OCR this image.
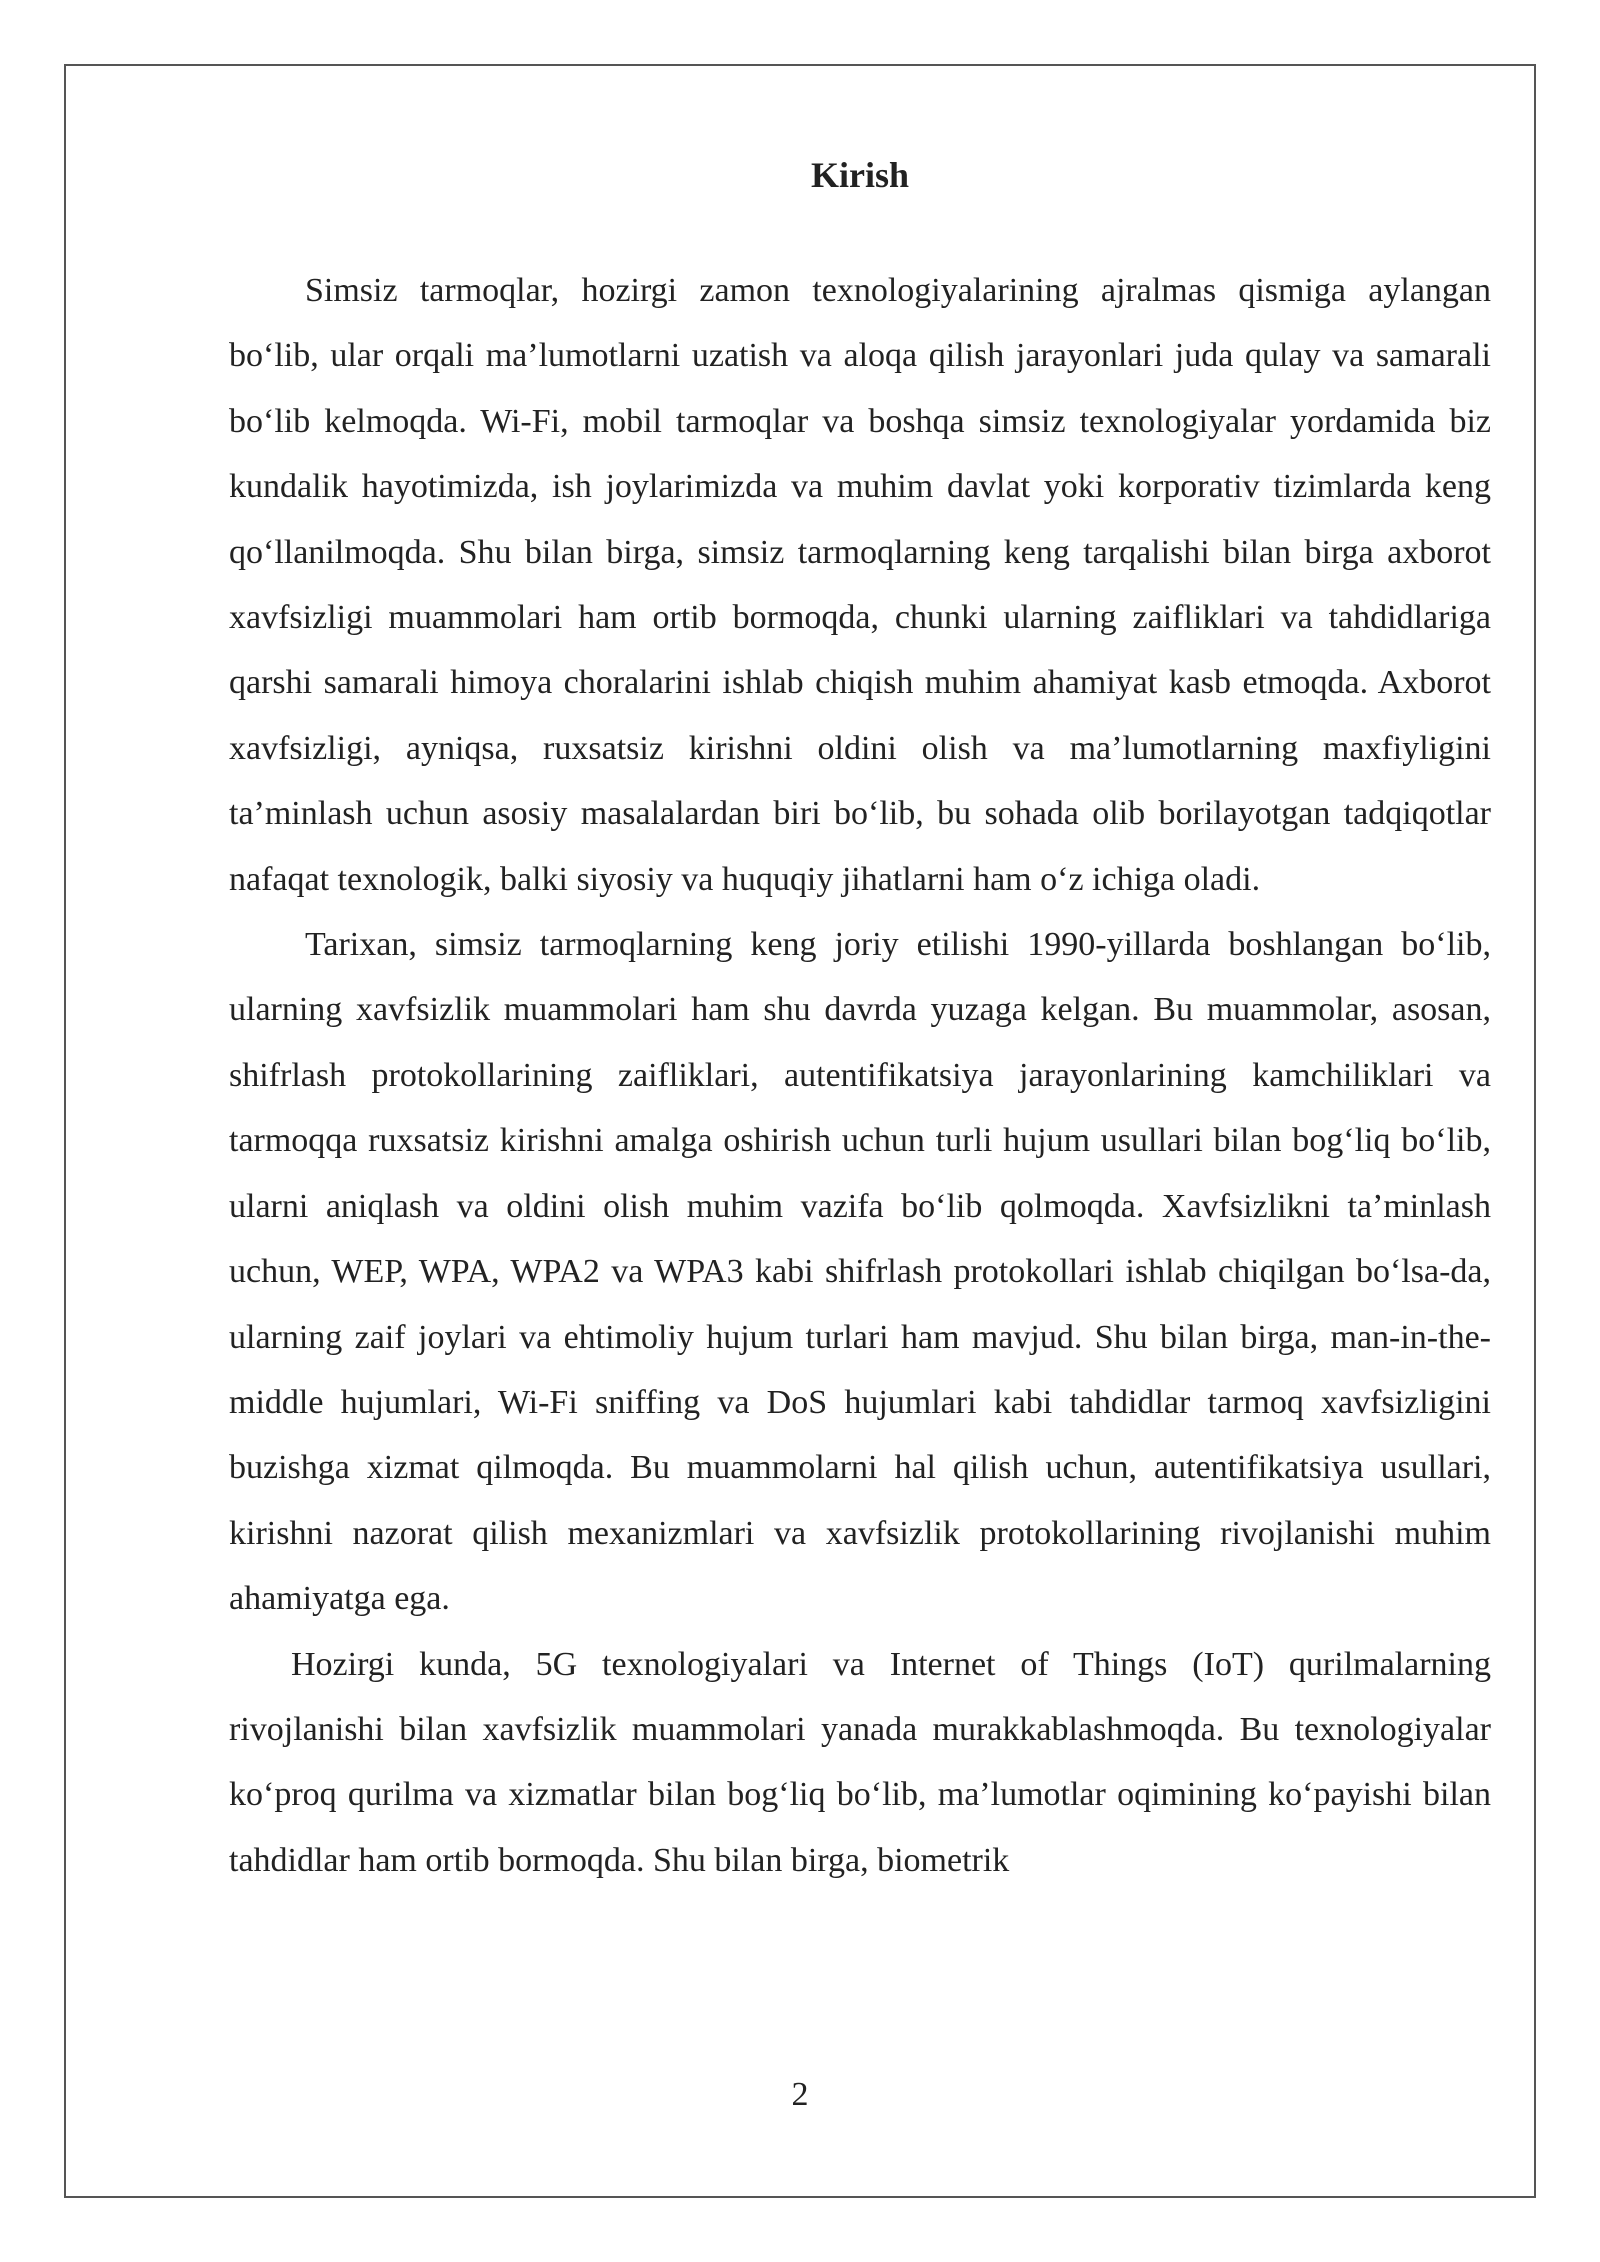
Kirish

Simsiz tarmoqlar, hozirgi zamon texnologiyalarining ajralmas qismiga aylangan bo‘lib, ular orqali ma’lumotlarni uzatish va aloqa qilish jarayonlari juda qulay va samarali bo‘lib kelmoqda. Wi-Fi, mobil tarmoqlar va boshqa simsiz texnologiyalar yordamida biz kundalik hayotimizda, ish joylarimizda va muhim davlat yoki korporativ tizimlarda keng qo‘llanilmoqda. Shu bilan birga, simsiz tarmoqlarning keng tarqalishi bilan birga axborot xavfsizligi muammolari ham ortib bormoqda, chunki ularning zaifliklari va tahdidlariga qarshi samarali himoya choralarini ishlab chiqish muhim ahamiyat kasb etmoqda. Axborot xavfsizligi, ayniqsa, ruxsatsiz kirishni oldini olish va ma’lumotlarning maxfiyligini ta’minlash uchun asosiy masalalardan biri bo‘lib, bu sohada olib borilayotgan tadqiqotlar nafaqat texnologik, balki siyosiy va huquqiy jihatlarni ham o‘z ichiga oladi.

Tarixan, simsiz tarmoqlarning keng joriy etilishi 1990-yillarda boshlangan bo‘lib, ularning xavfsizlik muammolari ham shu davrda yuzaga kelgan. Bu muammolar, asosan, shifrlash protokollarining zaifliklari, autentifikatsiya jarayonlarining kamchiliklari va tarmoqqa ruxsatsiz kirishni amalga oshirish uchun turli hujum usullari bilan bog‘liq bo‘lib, ularni aniqlash va oldini olish muhim vazifa bo‘lib qolmoqda. Xavfsizlikni ta’minlash uchun, WEP, WPA, WPA2 va WPA3 kabi shifrlash protokollari ishlab chiqilgan bo‘lsa-da, ularning zaif joylari va ehtimoliy hujum turlari ham mavjud. Shu bilan birga, man-in-the-middle hujumlari, Wi-Fi sniffing va DoS hujumlari kabi tahdidlar tarmoq xavfsizligini buzishga xizmat qilmoqda. Bu muammolarni hal qilish uchun, autentifikatsiya usullari, kirishni nazorat qilish mexanizmlari va xavfsizlik protokollarining rivojlanishi muhim ahamiyatga ega.

Hozirgi kunda, 5G texnologiyalari va Internet of Things (IoT) qurilmalarning rivojlanishi bilan xavfsizlik muammolari yanada murakkablashmoqda. Bu texnologiyalar ko‘proq qurilma va xizmatlar bilan bog‘liq bo‘lib, ma’lumotlar oqimining ko‘payishi bilan tahdidlar ham ortib bormoqda. Shu bilan birga, biometrik

2
